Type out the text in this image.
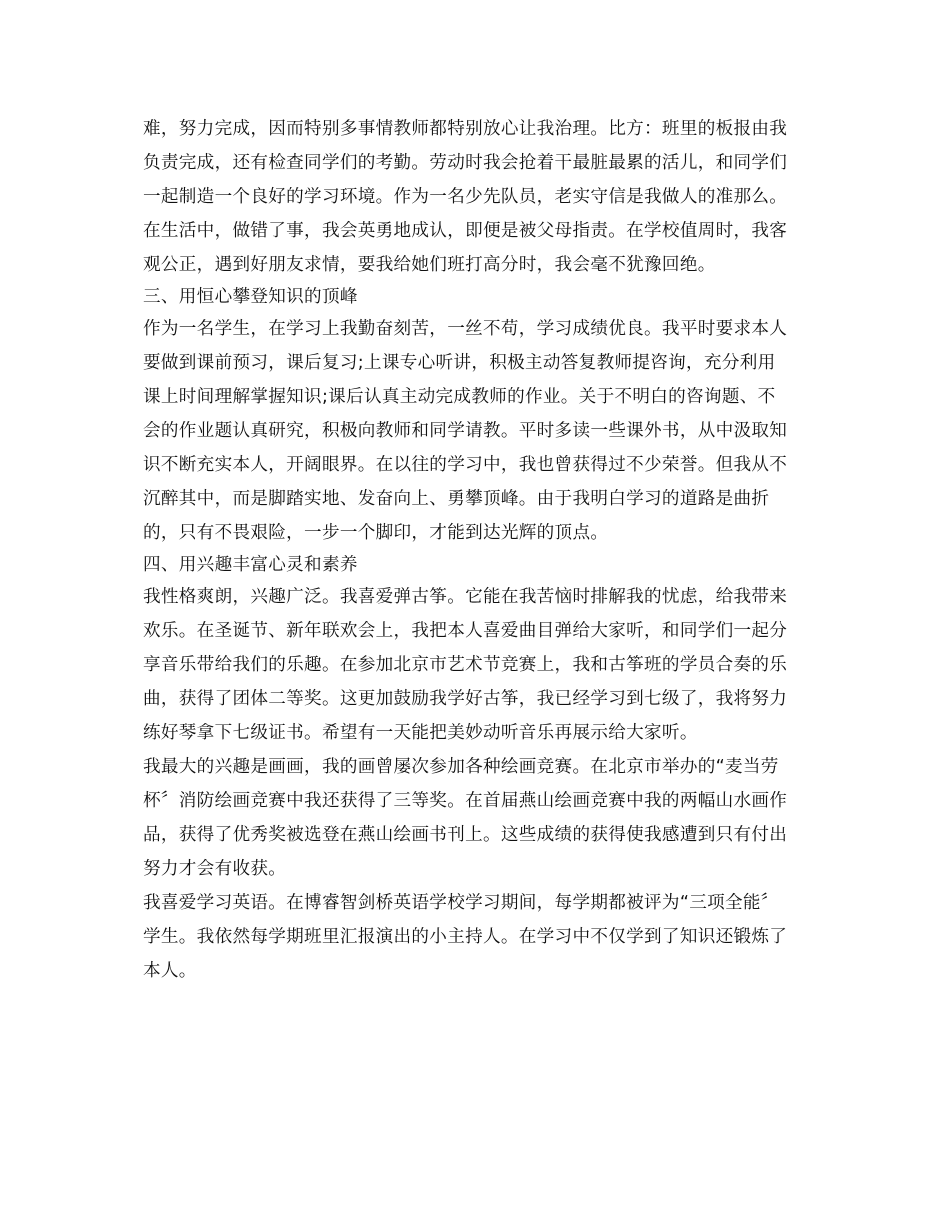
难，努力完成，因而特别多事情教师都特别放心让我治理。比方：班里的板报由我
负责完成，还有检查同学们的考勤。劳动时我会抢着干最脏最累的活儿，和同学们
一起制造一个良好的学习环境。作为一名少先队员，老实守信是我做人的准那么。
在生活中，做错了事，我会英勇地成认，即便是被父母指责。在学校值周时，我客
观公正，遇到好朋友求情，要我给她们班打高分时，我会毫不犹豫回绝。
三、用恒心攀登知识的顶峰
作为一名学生，在学习上我勤奋刻苦，一丝不苟，学习成绩优良。我平时要求本人
要做到课前预习，课后复习;上课专心听讲，积极主动答复教师提咨询，充分利用
课上时间理解掌握知识;课后认真主动完成教师的作业。关于不明白的咨询题、不
会的作业题认真研究，积极向教师和同学请教。平时多读一些课外书，从中汲取知
识不断充实本人，开阔眼界。在以往的学习中，我也曾获得过不少荣誉。但我从不
沉醉其中，而是脚踏实地、发奋向上、勇攀顶峰。由于我明白学习的道路是曲折
的，只有不畏艰险，一步一个脚印，才能到达光辉的顶点。
四、用兴趣丰富心灵和素养
我性格爽朗，兴趣广泛。我喜爱弹古筝。它能在我苦恼时排解我的忧虑，给我带来
欢乐。在圣诞节、新年联欢会上，我把本人喜爱曲目弹给大家听，和同学们一起分
享音乐带给我们的乐趣。在参加北京市艺术节竞赛上，我和古筝班的学员合奏的乐
曲，获得了团体二等奖。这更加鼓励我学好古筝，我已经学习到七级了，我将努力
练好琴拿下七级证书。希望有一天能把美妙动听音乐再展示给大家听。
我最大的兴趣是画画，我的画曾屡次参加各种绘画竞赛。在北京市举办的“麦当劳
杯〞消防绘画竞赛中我还获得了三等奖。在首届燕山绘画竞赛中我的两幅山水画作
品，获得了优秀奖被选登在燕山绘画书刊上。这些成绩的获得使我感遭到只有付出
努力才会有收获。
我喜爱学习英语。在博睿智剑桥英语学校学习期间，每学期都被评为“三项全能〞
学生。我依然每学期班里汇报演出的小主持人。在学习中不仅学到了知识还锻炼了
本人。
